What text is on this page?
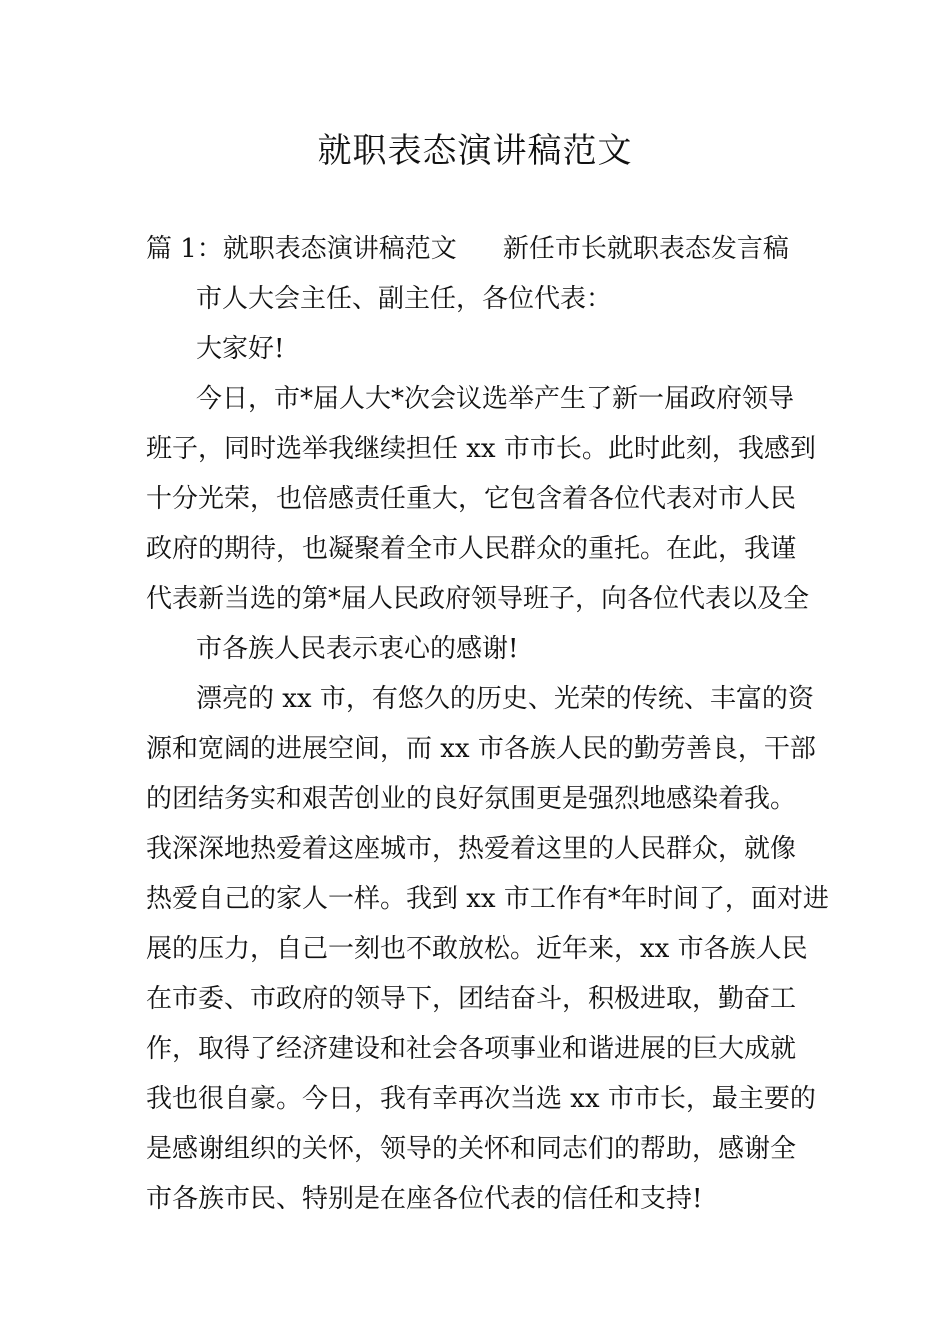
就职表态演讲稿范文

篇 1：就职表态演讲稿范文 新任市长就职表态发言稿

市人大会主任、副主任，各位代表：

大家好!

今日，市*届人大*次会议选举产生了新一届政府领导

班子，同时选举我继续担任 xx 市市长。此时此刻，我感到

十分光荣，也倍感责任重大，它包含着各位代表对市人民

政府的期待，也凝聚着全市人民群众的重托。在此，我谨

代表新当选的第*届人民政府领导班子，向各位代表以及全

市各族人民表示衷心的感谢!

漂亮的 xx 市，有悠久的历史、光荣的传统、丰富的资

源和宽阔的进展空间，而 xx 市各族人民的勤劳善良，干部

的团结务实和艰苦创业的良好氛围更是强烈地感染着我。

我深深地热爱着这座城市，热爱着这里的人民群众，就像

热爱自己的家人一样。我到 xx 市工作有*年时间了，面对进

展的压力，自己一刻也不敢放松。近年来，xx 市各族人民

在市委、市政府的领导下，团结奋斗，积极进取，勤奋工

作，取得了经济建设和社会各项事业和谐进展的巨大成就

我也很自豪。今日，我有幸再次当选 xx 市市长，最主要的

是感谢组织的关怀，领导的关怀和同志们的帮助，感谢全

市各族市民、特别是在座各位代表的信任和支持!
